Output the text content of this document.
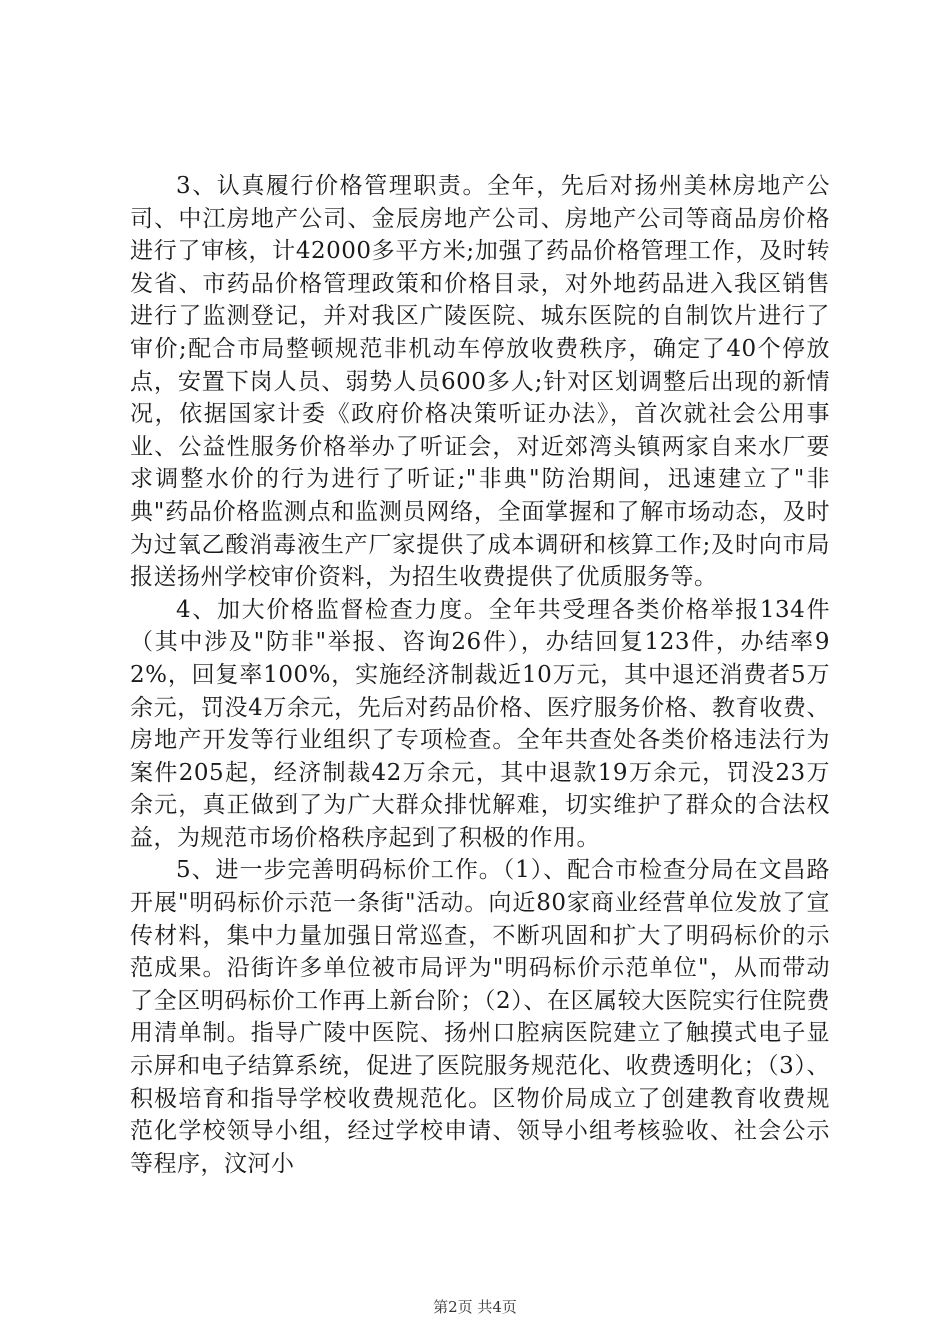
3、认真履行价格管理职责。全年，先后对扬州美林房地产公司、中江房地产公司、金辰房地产公司、房地产公司等商品房价格进行了审核，计42000多平方米;加强了药品价格管理工作，及时转发省、市药品价格管理政策和价格目录，对外地药品进入我区销售进行了监测登记，并对我区广陵医院、城东医院的自制饮片进行了审价;配合市局整顿规范非机动车停放收费秩序，确定了40个停放点，安置下岗人员、弱势人员600多人;针对区划调整后出现的新情况，依据国家计委《政府价格决策听证办法》，首次就社会公用事业、公益性服务价格举办了听证会，对近郊湾头镇两家自来水厂要求调整水价的行为进行了听证;"非典"防治期间，迅速建立了"非典"药品价格监测点和监测员网络，全面掌握和了解市场动态，及时为过氧乙酸消毒液生产厂家提供了成本调研和核算工作;及时向市局报送扬州学校审价资料，为招生收费提供了优质服务等。

4、加大价格监督检查力度。全年共受理各类价格举报134件（其中涉及"防非"举报、咨询26件），办结回复123件，办结率92%，回复率100%，实施经济制裁近10万元，其中退还消费者5万余元，罚没4万余元，先后对药品价格、医疗服务价格、教育收费、房地产开发等行业组织了专项检查。全年共查处各类价格违法行为案件205起，经济制裁42万余元，其中退款19万余元，罚没23万余元，真正做到了为广大群众排忧解难，切实维护了群众的合法权益，为规范市场价格秩序起到了积极的作用。

5、进一步完善明码标价工作。（1）、配合市检查分局在文昌路开展"明码标价示范一条街"活动。向近80家商业经营单位发放了宣传材料，集中力量加强日常巡查，不断巩固和扩大了明码标价的示范成果。沿街许多单位被市局评为"明码标价示范单位"，从而带动了全区明码标价工作再上新台阶；（2）、在区属较大医院实行住院费用清单制。指导广陵中医院、扬州口腔病医院建立了触摸式电子显示屏和电子结算系统，促进了医院服务规范化、收费透明化；（3）、积极培育和指导学校收费规范化。区物价局成立了创建教育收费规范化学校领导小组，经过学校申请、领导小组考核验收、社会公示等程序，汶河小

第2页 共4页
